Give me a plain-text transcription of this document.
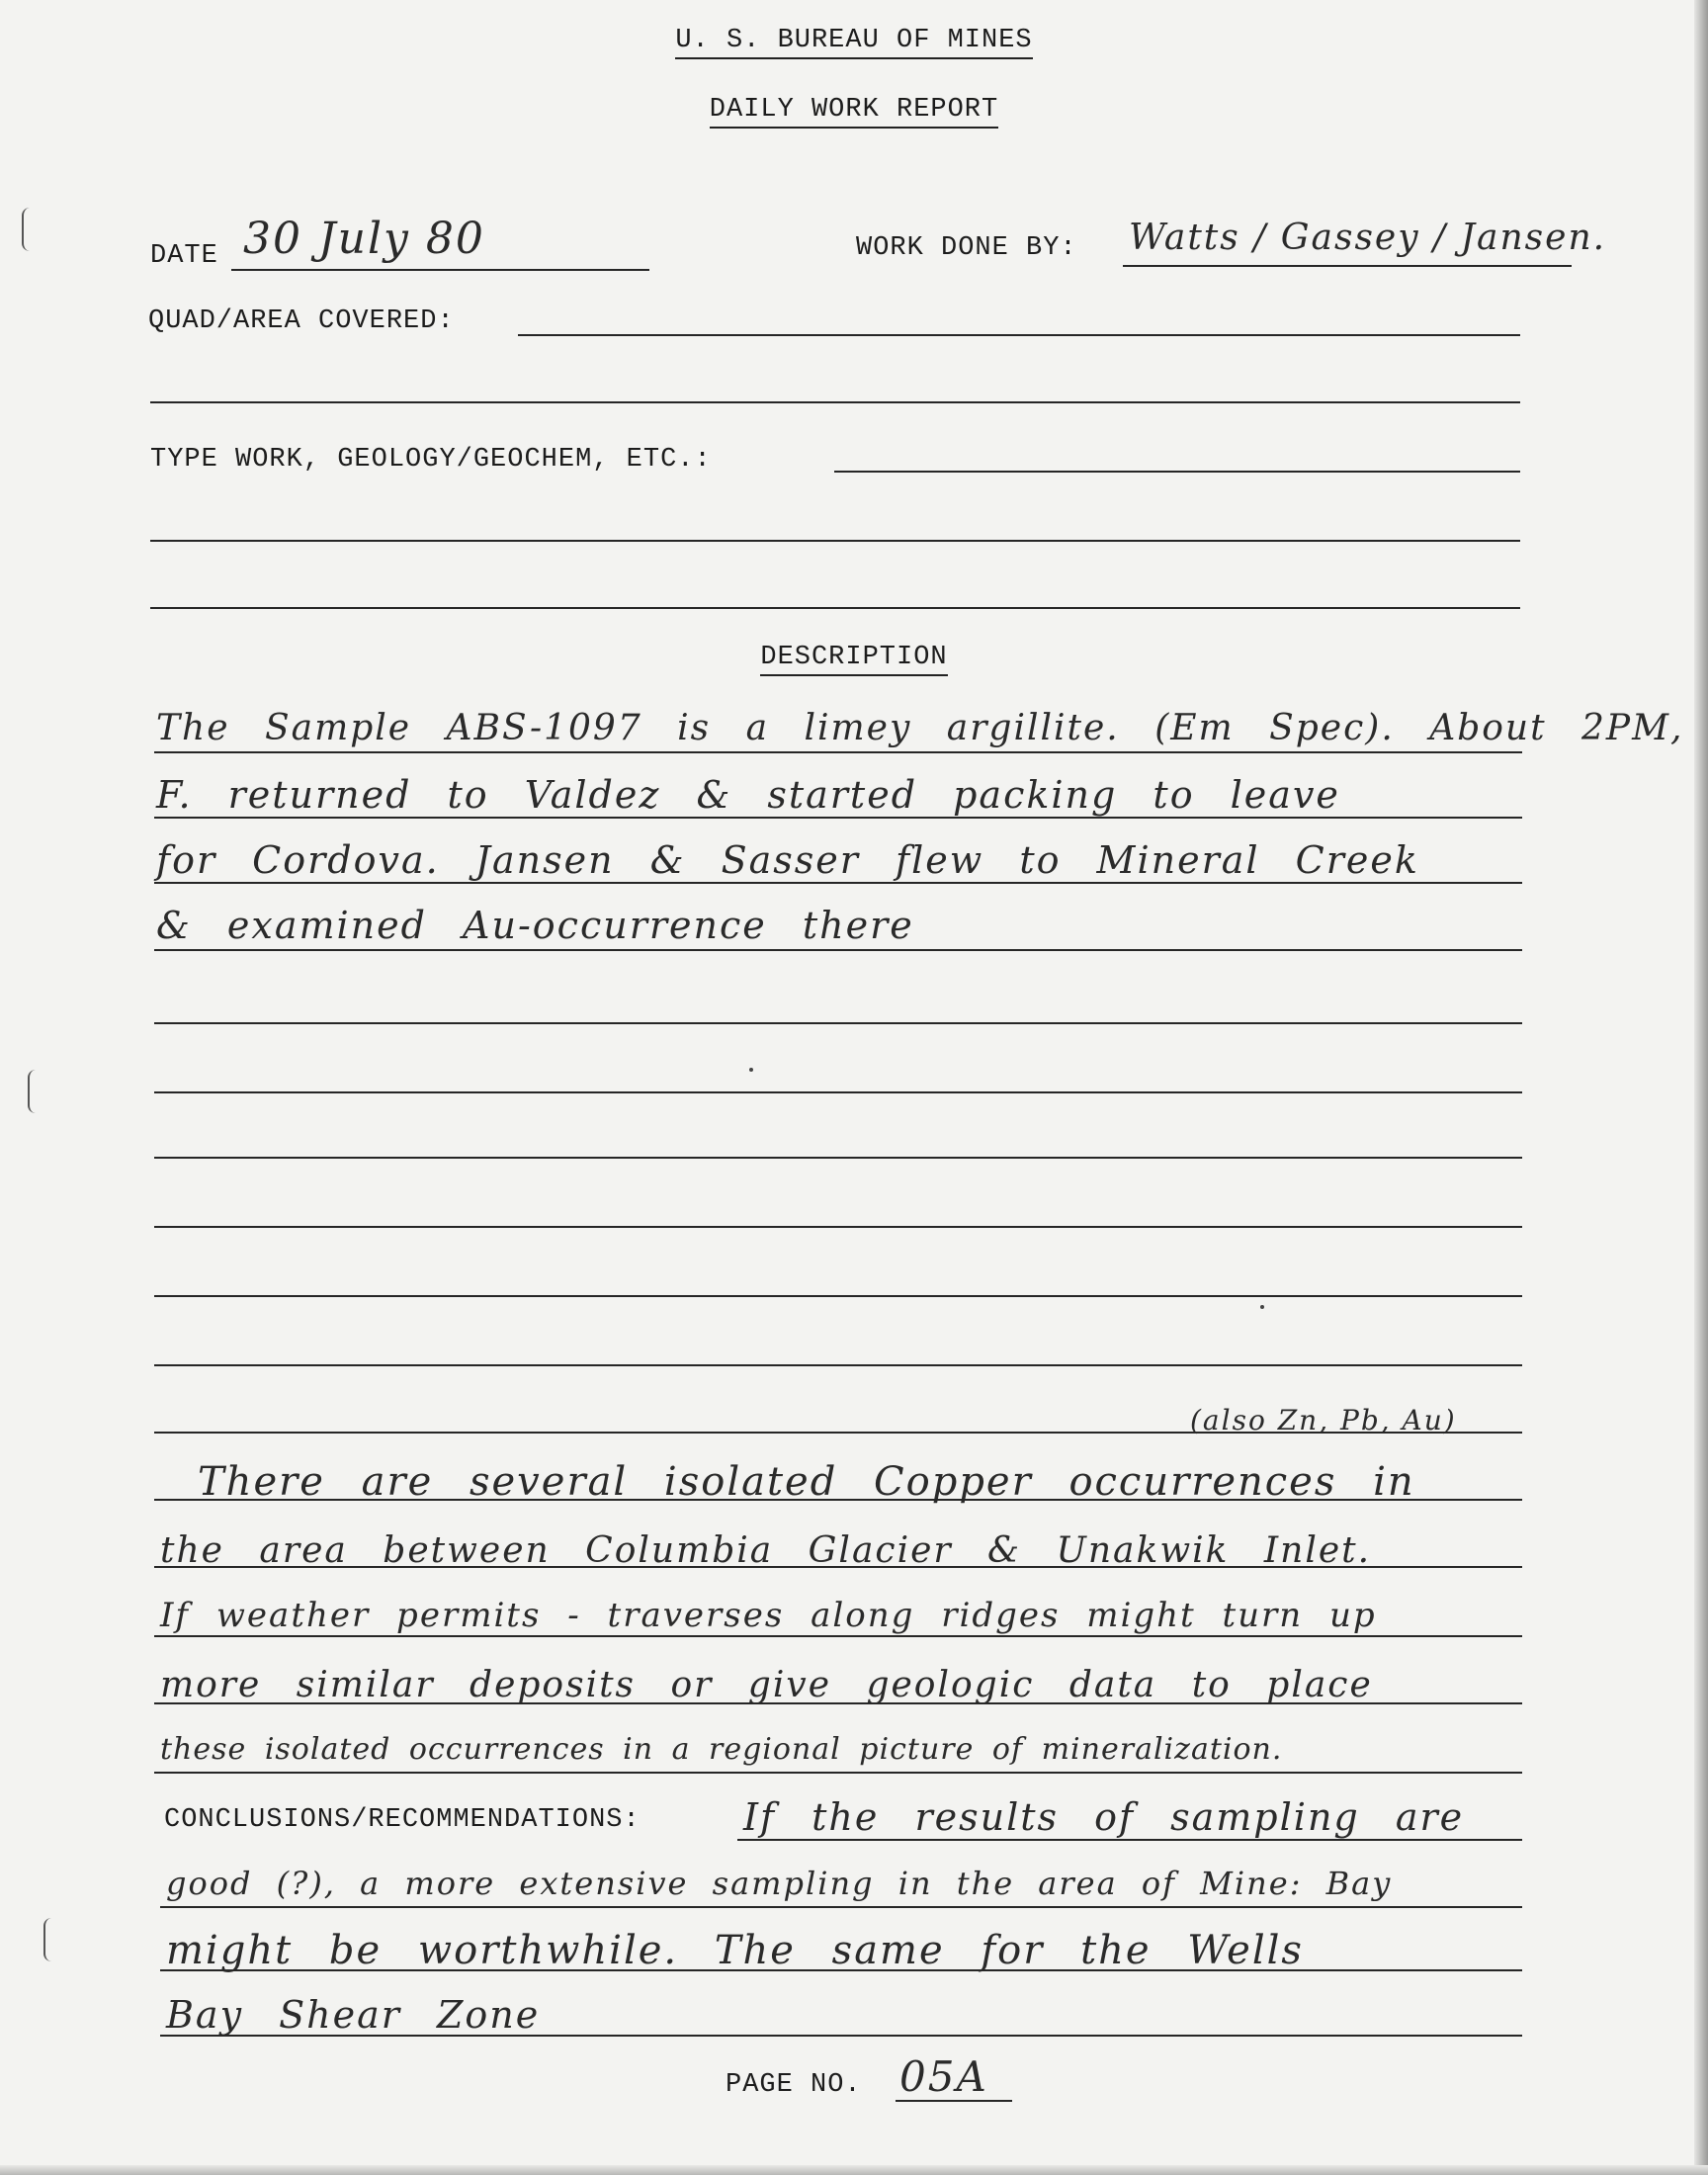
U. S. BUREAU OF MINES
DAILY WORK REPORT
DATE 30 July 80	WORK DONE BY: Watts / Gassey / Jansen.
QUAD/AREA COVERED:
TYPE WORK, GEOLOGY/GEOCHEM, ETC.:
DESCRIPTION
The Sample ABS-1097 is a limey argillite. (Em Spec). About 2PM,
F. returned to Valdez & started packing to leave
for Cordova. Jansen & Sasser flew to Mineral Creek
& examined Au-occurrence there
(also Zn, Pb, Au)
There are several isolated Copper occurrences in
the area between Columbia Glacier & Unakwik Inlet.
If weather permits - traverses along ridges might turn up
more similar deposits or give geologic data to place
these isolated occurrences in a regional picture of mineralization.
CONCLUSIONS/RECOMMENDATIONS:	If the results of sampling are
good (?), a more extensive sampling in the area of Mine: Bay
might be worthwhile. The same for the Wells
Bay Shear Zone
PAGE NO. 05A
